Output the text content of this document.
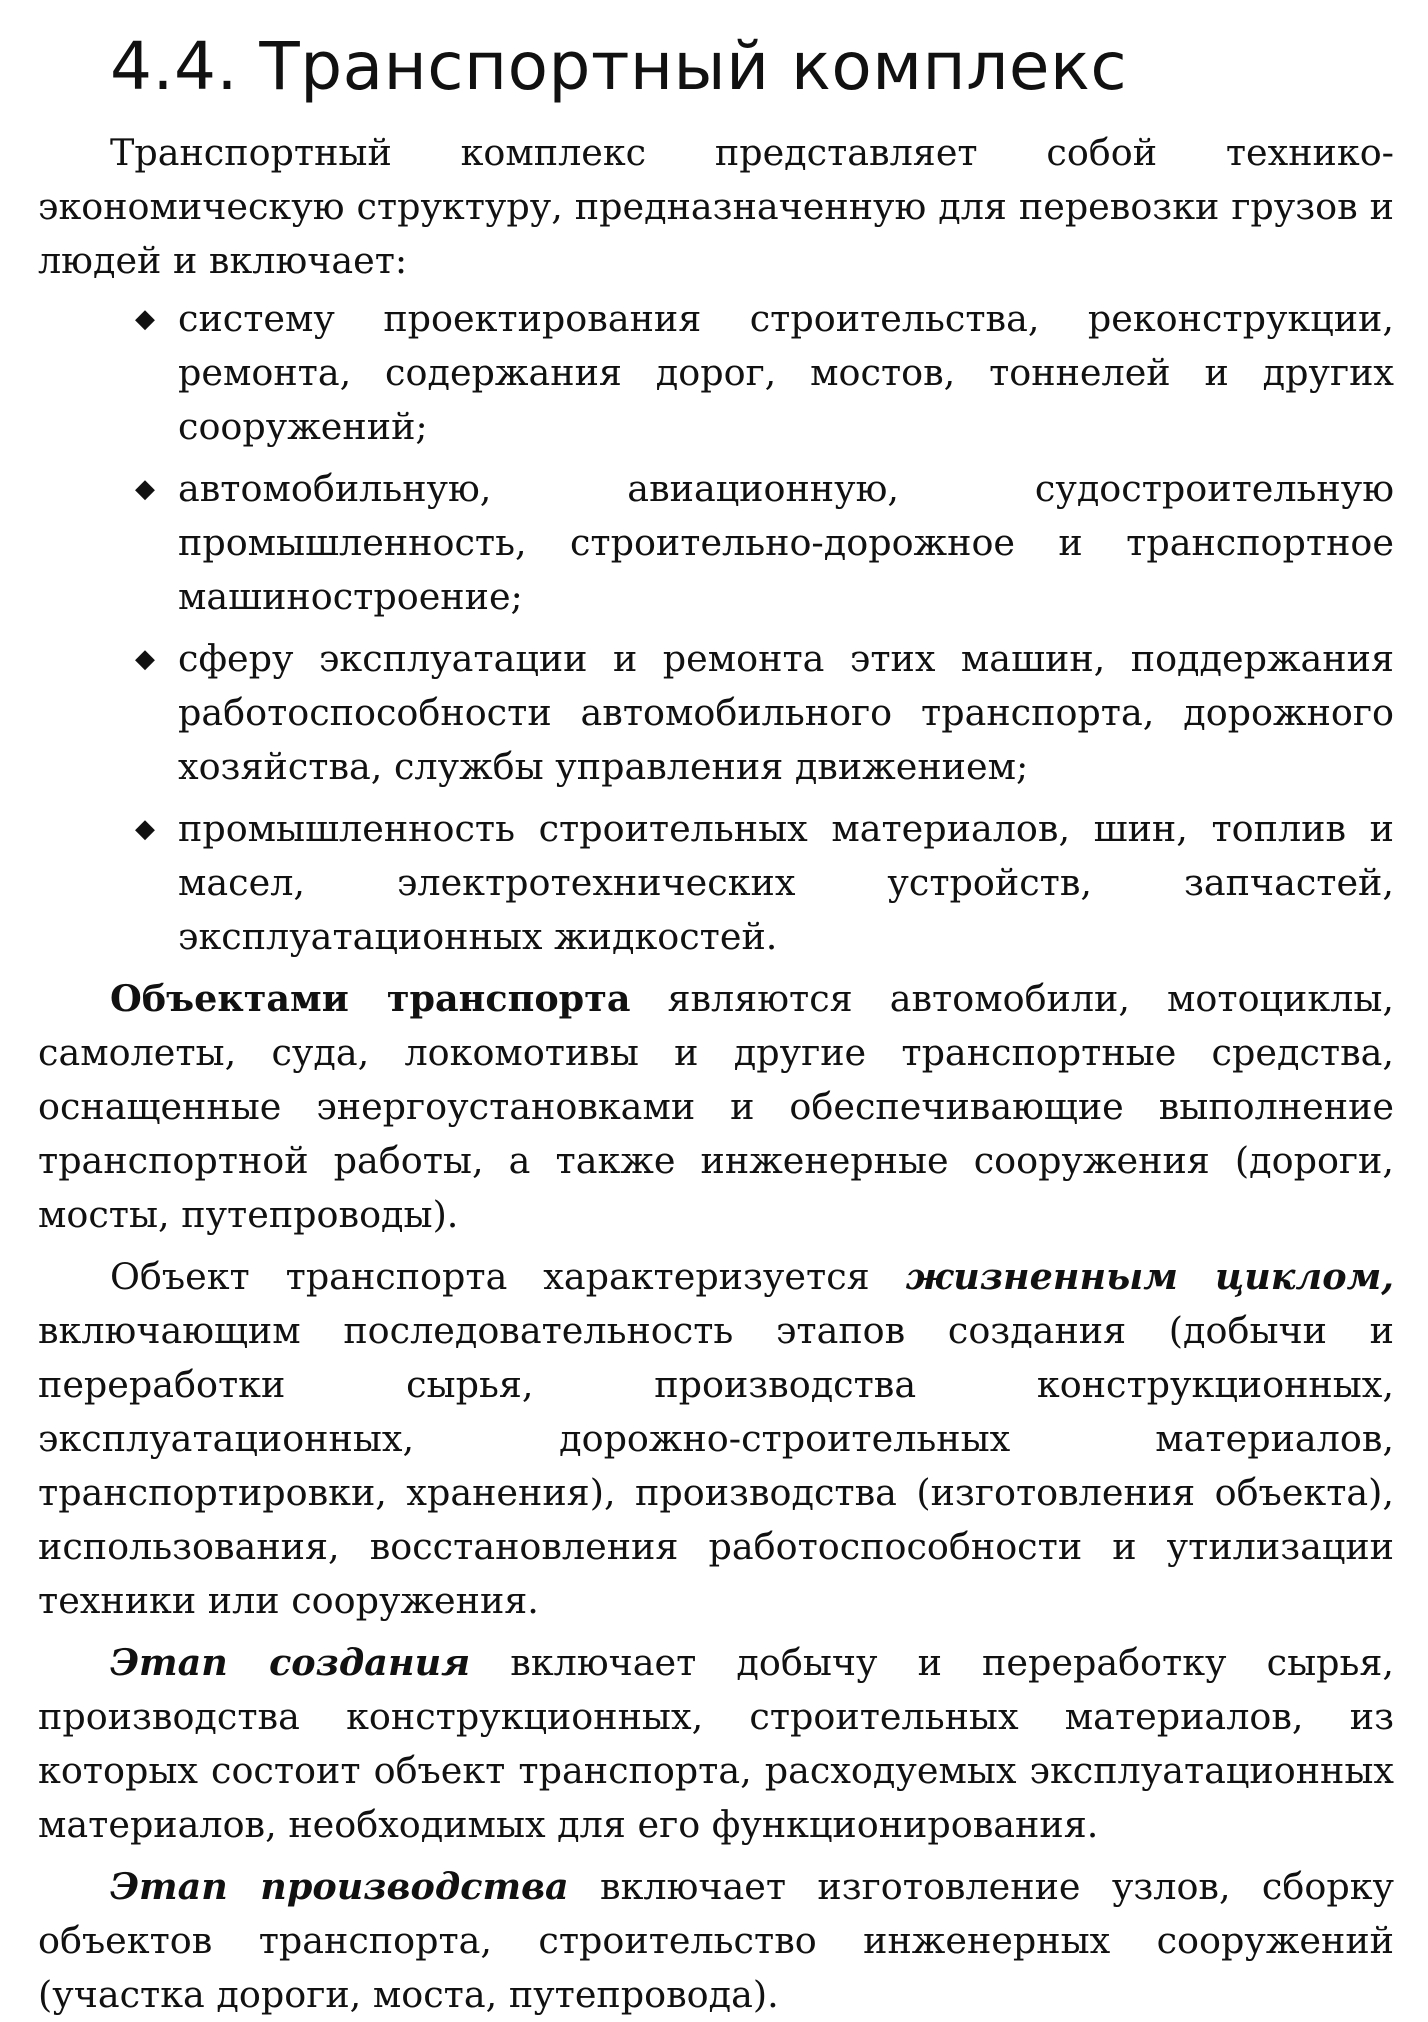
4.4. Транспортный комплекс

Транспортный комплекс представляет собой технико-экономическую структуру, предназначенную для перевозки грузов и людей и включает:

◆ систему проектирования строительства, реконструкции, ремонта, содержания дорог, мостов, тоннелей и других сооружений;
◆ автомобильную, авиационную, судостроительную промышленность, строительно-дорожное и транспортное машиностроение;
◆ сферу эксплуатации и ремонта этих машин, поддержания работоспособности автомобильного транспорта, дорожного хозяйства, службы управления движением;
◆ промышленность строительных материалов, шин, топлив и масел, электротехнических устройств, запчастей, эксплуатационных жидкостей.

Объектами транспорта являются автомобили, мотоциклы, самолеты, суда, локомотивы и другие транспортные средства, оснащенные энергоустановками и обеспечивающие выполнение транспортной работы, а также инженерные сооружения (дороги, мосты, путепроводы).

Объект транспорта характеризуется жизненным циклом, включающим последовательность этапов создания (добычи и переработки сырья, производства конструкционных, эксплуатационных, дорожно-строительных материалов, транспортировки, хранения), производства (изготовления объекта), использования, восстановления работоспособности и утилизации техники или сооружения.

Этап создания включает добычу и переработку сырья, производства конструкционных, строительных материалов, из которых состоит объект транспорта, расходуемых эксплуатационных материалов, необходимых для его функционирования.

Этап производства включает изготовление узлов, сборку объектов транспорта, строительство инженерных сооружений (участка дороги, моста, путепровода).
